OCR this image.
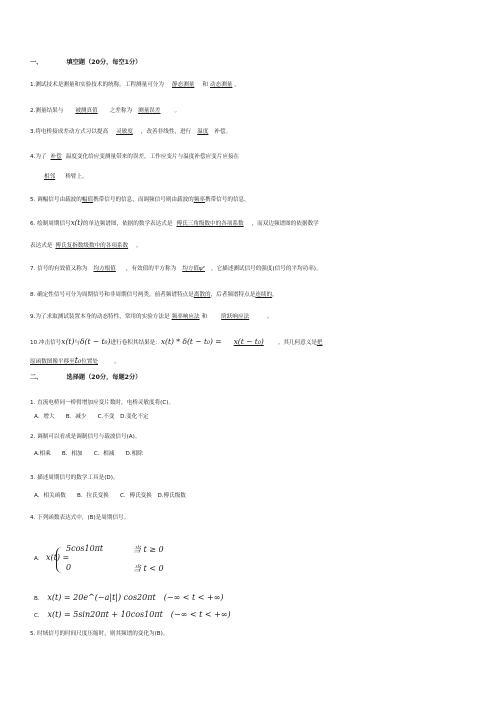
一、	填空题（20分，每空1分）
1.测试技术是测量和实验技术的统称。工程测量可分为 静态测量 和 动态测量 。
2.测量结果与 被测真值 之差称为 测量误差	。
3.将电桥接成差动方式习以提高 灵敏度 ，改善非线性，进行 温度 补偿。
4.为了 补偿 温度变化给应变测量带来的误差，工作应变片与温度补偿应变片应接在
相邻 桥臂上。
5. 调幅信号由载波的幅值携带信号的信息，而调频信号则由载波的频率携带信号的信息。
6. 绘制周期信号x(t)的单边频谱图，依据的数学表达式是 傅氏三角级数中的各项系数 ，而双边频谱图的依据数学
表达式是 傅氏复指数级数中的各项系数 。
7. 信号的有效值又称为 均方根值 ，有效值的平方称为 均方值ψ² ，它描述测试信号的强度(信号的平均功率)。
8. 确定性信号可分为周期信号和非周期信号两类，前者频谱特点是离散的，后者频谱特点是连续的。
9.为了求取测试装置本身的动态特性，常用的实验方法是 频率响应法 和	阶跃响应法	。
10.冲击信号x(t)与δ(t − t₀)进行卷积其结果是：x(t) * δ(t − t₀) = x(t − t₀)	。其几何意义是把
原函数图像平移至t₀位置处	。
二、	选择题（20分，每题2分）
1. 直流电桥同一桥臂增加应变片数时，电桥灵敏度将(C)。
A．增大　　B．减少　　C.不变　D.变化不定
2. 调制可以看成是调制信号与载波信号(A)。
A.相乘　　B．相加　　C．相减　　D.相除
3. 描述周期信号的数学工具是(D)。
A．相关函数　　B．拉氏变换　　C．傅氏变换　D.傅氏级数
4. 下列函数表达式中，(B)是周期信号。
A. x(t) =
5cos10πt	当 t ≥ 0
0	当 t < 0
B. x(t) = 20e^(−a|t|) cos20πt　(−∞ < t < +∞)
C. x(t) = 5sin20πt + 10cos10πt　(−∞ < t < +∞)
5. 时域信号的时间尺度压缩时，则其频谱的变化为(B)。
